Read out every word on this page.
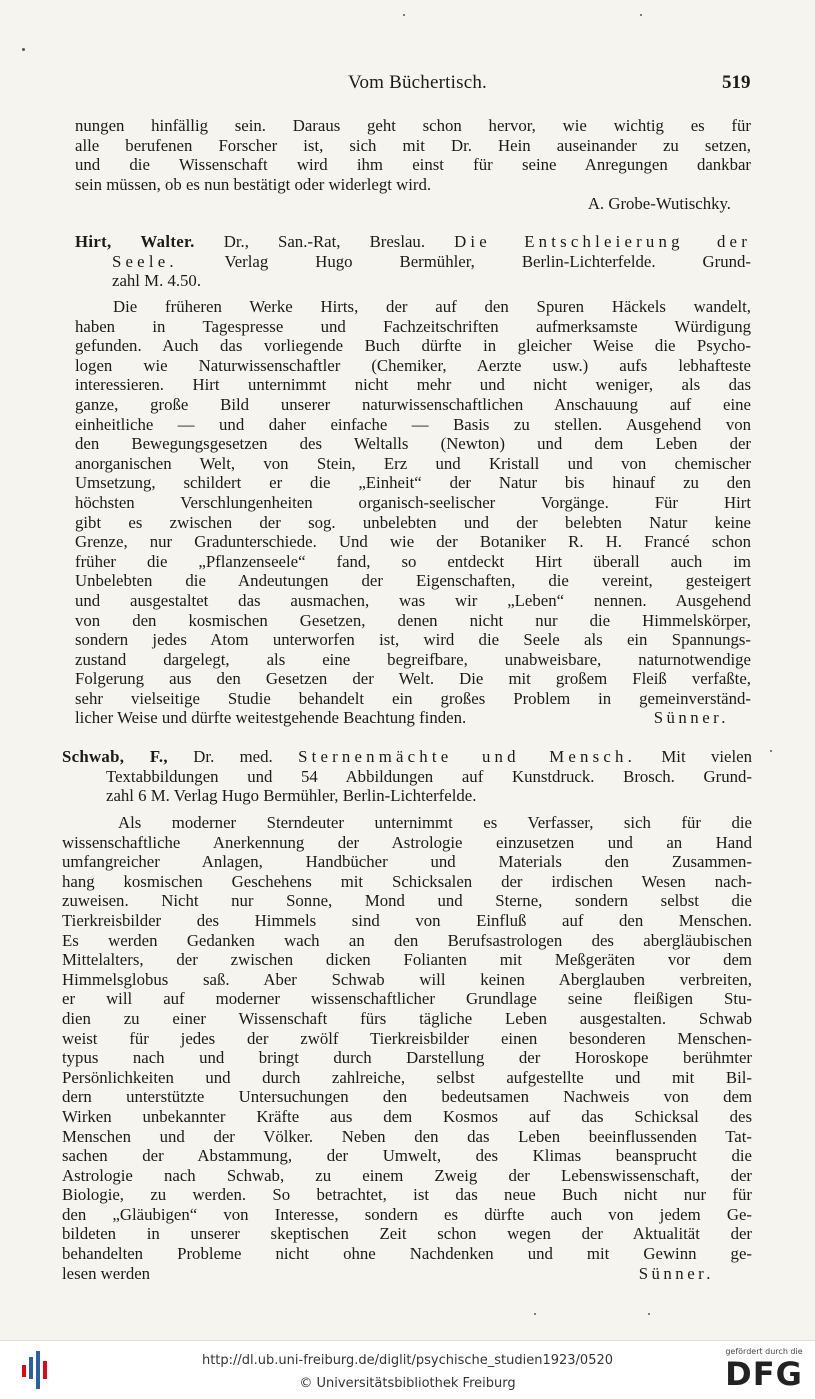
Vom Büchertisch.	519
nungen hinfällig sein. Daraus geht schon hervor, wie wichtig es für
alle berufenen Forscher ist, sich mit Dr. Hein auseinander zu setzen,
und die Wissenschaft wird ihm einst für seine Anregungen dankbar
sein müssen, ob es nun bestätigt oder widerlegt wird.
A. Grobe-Wutischky.
Hirt, Walter. Dr., San.-Rat, Breslau. Die Entschleierung der
Seele. Verlag Hugo Bermühler, Berlin-Lichterfelde. Grund-
zahl M. 4.50.
Die früheren Werke Hirts, der auf den Spuren Häckels wandelt,
haben in Tagespresse und Fachzeitschriften aufmerksamste Würdigung
gefunden. Auch das vorliegende Buch dürfte in gleicher Weise die Psycho-
logen wie Naturwissenschaftler (Chemiker, Aerzte usw.) aufs lebhafteste
interessieren. Hirt unternimmt nicht mehr und nicht weniger, als das
ganze, große Bild unserer naturwissenschaftlichen Anschauung auf eine
einheitliche — und daher einfache — Basis zu stellen. Ausgehend von
den Bewegungsgesetzen des Weltalls (Newton) und dem Leben der
anorganischen Welt, von Stein, Erz und Kristall und von chemischer
Umsetzung, schildert er die „Einheit“ der Natur bis hinauf zu den
höchsten Verschlungenheiten organisch-seelischer Vorgänge. Für Hirt
gibt es zwischen der sog. unbelebten und der belebten Natur keine
Grenze, nur Gradunterschiede. Und wie der Botaniker R. H. Francé schon
früher die „Pflanzenseele“ fand, so entdeckt Hirt überall auch im
Unbelebten die Andeutungen der Eigenschaften, die vereint, gesteigert
und ausgestaltet das ausmachen, was wir „Leben“ nennen. Ausgehend
von den kosmischen Gesetzen, denen nicht nur die Himmelskörper,
sondern jedes Atom unterworfen ist, wird die Seele als ein Spannungs-
zustand dargelegt, als eine begreifbare, unabweisbare, naturnotwendige
Folgerung aus den Gesetzen der Welt. Die mit großem Fleiß verfaßte,
sehr vielseitige Studie behandelt ein großes Problem in gemeinverständ-
licher Weise und dürfte weitestgehende Beachtung finden.	Sünner.
Schwab, F., Dr. med. Sternenmächte und Mensch. Mit vielen
Textabbildungen und 54 Abbildungen auf Kunstdruck. Brosch. Grund-
zahl 6 M. Verlag Hugo Bermühler, Berlin-Lichterfelde.
Als moderner Sterndeuter unternimmt es Verfasser, sich für die
wissenschaftliche Anerkennung der Astrologie einzusetzen und an Hand
umfangreicher Anlagen, Handbücher und Materials den Zusammen-
hang kosmischen Geschehens mit Schicksalen der irdischen Wesen nach-
zuweisen. Nicht nur Sonne, Mond und Sterne, sondern selbst die
Tierkreisbilder des Himmels sind von Einfluß auf den Menschen.
Es werden Gedanken wach an den Berufsastrologen des abergläubischen
Mittelalters, der zwischen dicken Folianten mit Meßgeräten vor dem
Himmelsglobus saß. Aber Schwab will keinen Aberglauben verbreiten,
er will auf moderner wissenschaftlicher Grundlage seine fleißigen Stu-
dien zu einer Wissenschaft fürs tägliche Leben ausgestalten. Schwab
weist für jedes der zwölf Tierkreisbilder einen besonderen Menschen-
typus nach und bringt durch Darstellung der Horoskope berühmter
Persönlichkeiten und durch zahlreiche, selbst aufgestellte und mit Bil-
dern unterstützte Untersuchungen den bedeutsamen Nachweis von dem
Wirken unbekannter Kräfte aus dem Kosmos auf das Schicksal des
Menschen und der Völker. Neben den das Leben beeinflussenden Tat-
sachen der Abstammung, der Umwelt, des Klimas beansprucht die
Astrologie nach Schwab, zu einem Zweig der Lebenswissenschaft, der
Biologie, zu werden. So betrachtet, ist das neue Buch nicht nur für
den „Gläubigen“ von Interesse, sondern es dürfte auch von jedem Ge-
bildeten in unserer skeptischen Zeit schon wegen der Aktualität der
behandelten Probleme nicht ohne Nachdenken und mit Gewinn ge-
lesen werden	Sünner.
http://dl.ub.uni-freiburg.de/diglit/psychische_studien1923/0520
© Universitätsbibliothek Freiburg
gefördert durch die
DFG
